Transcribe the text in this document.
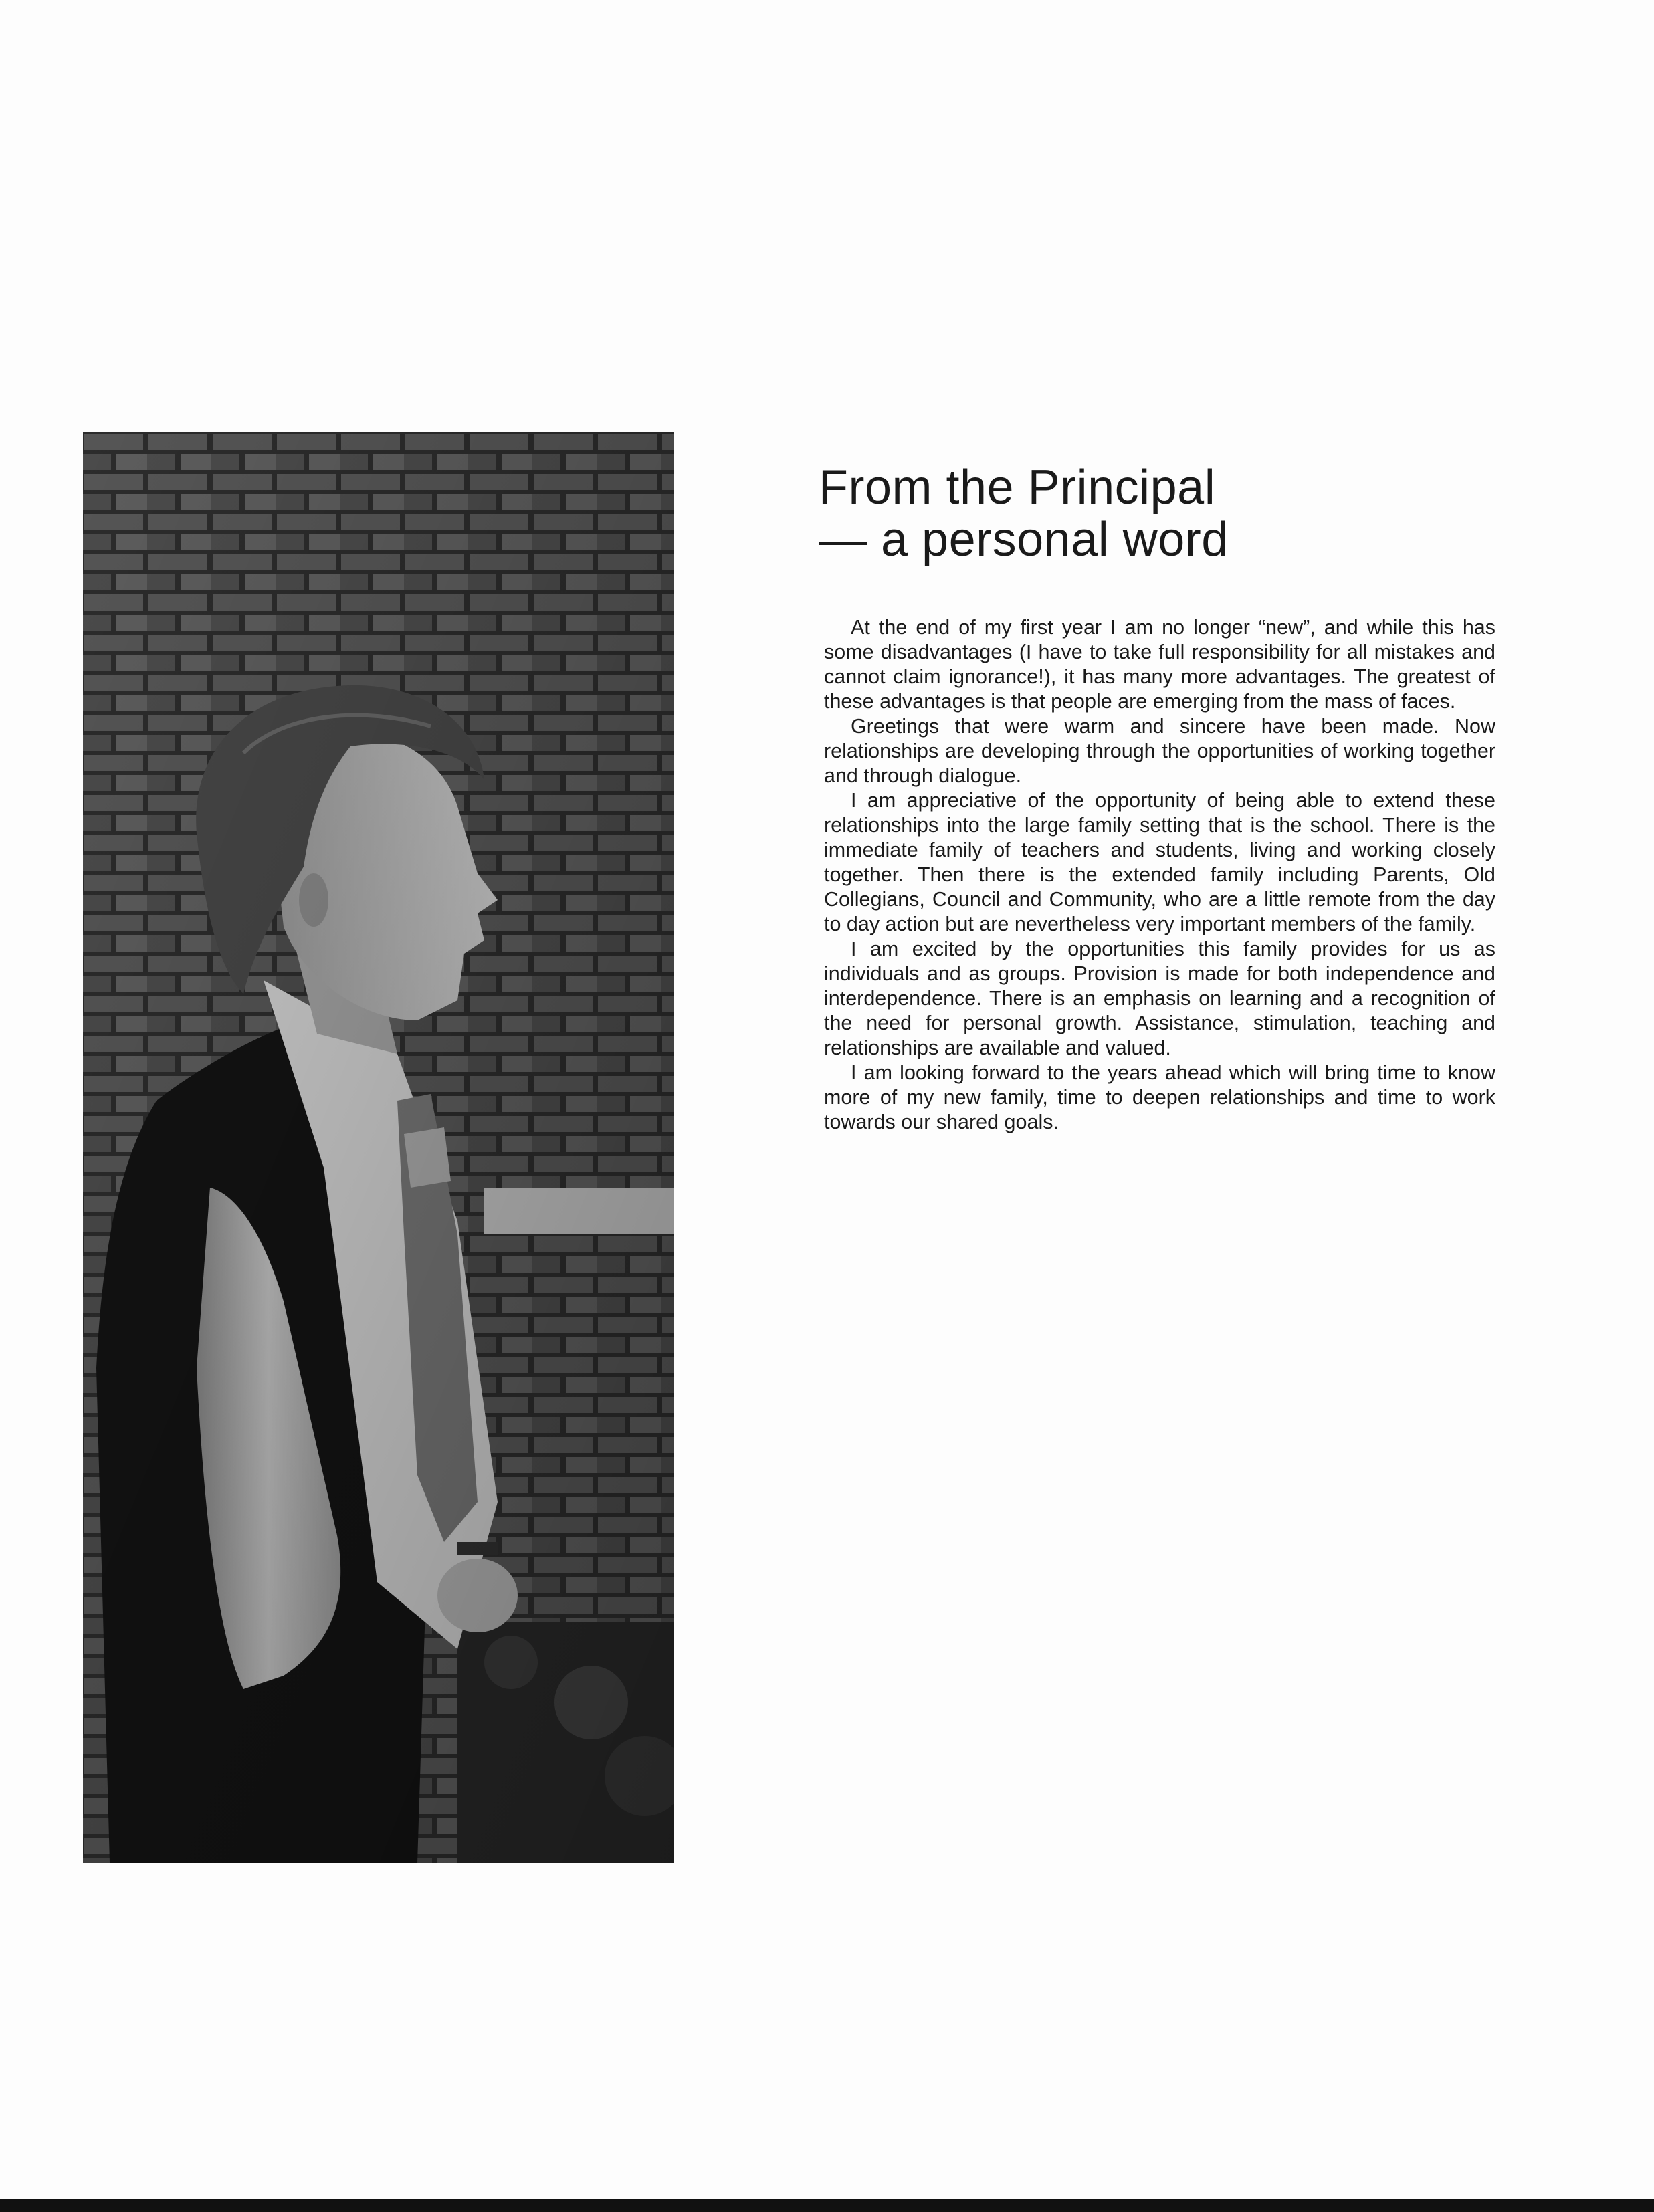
From the Principal
— a personal word

At the end of my first year I am no longer “new”, and while this has some disadvantages (I have to take full responsibility for all mistakes and cannot claim ignorance!), it has many more advantages. The greatest of these advantages is that people are emerging from the mass of faces.

Greetings that were warm and sincere have been made. Now relationships are developing through the opportunities of working together and through dialogue.

I am appreciative of the opportunity of being able to extend these relationships into the large family setting that is the school. There is the immediate family of teachers and students, living and working closely together. Then there is the extended family including Parents, Old Collegians, Council and Community, who are a little remote from the day to day action but are nevertheless very important members of the family.

I am excited by the opportunities this family provides for us as individuals and as groups. Provision is made for both independence and interdependence. There is an emphasis on learning and a recognition of the need for personal growth. Assistance, stimulation, teaching and relationships are available and valued.

I am looking forward to the years ahead which will bring time to know more of my new family, time to deepen relationships and time to work towards our shared goals.
